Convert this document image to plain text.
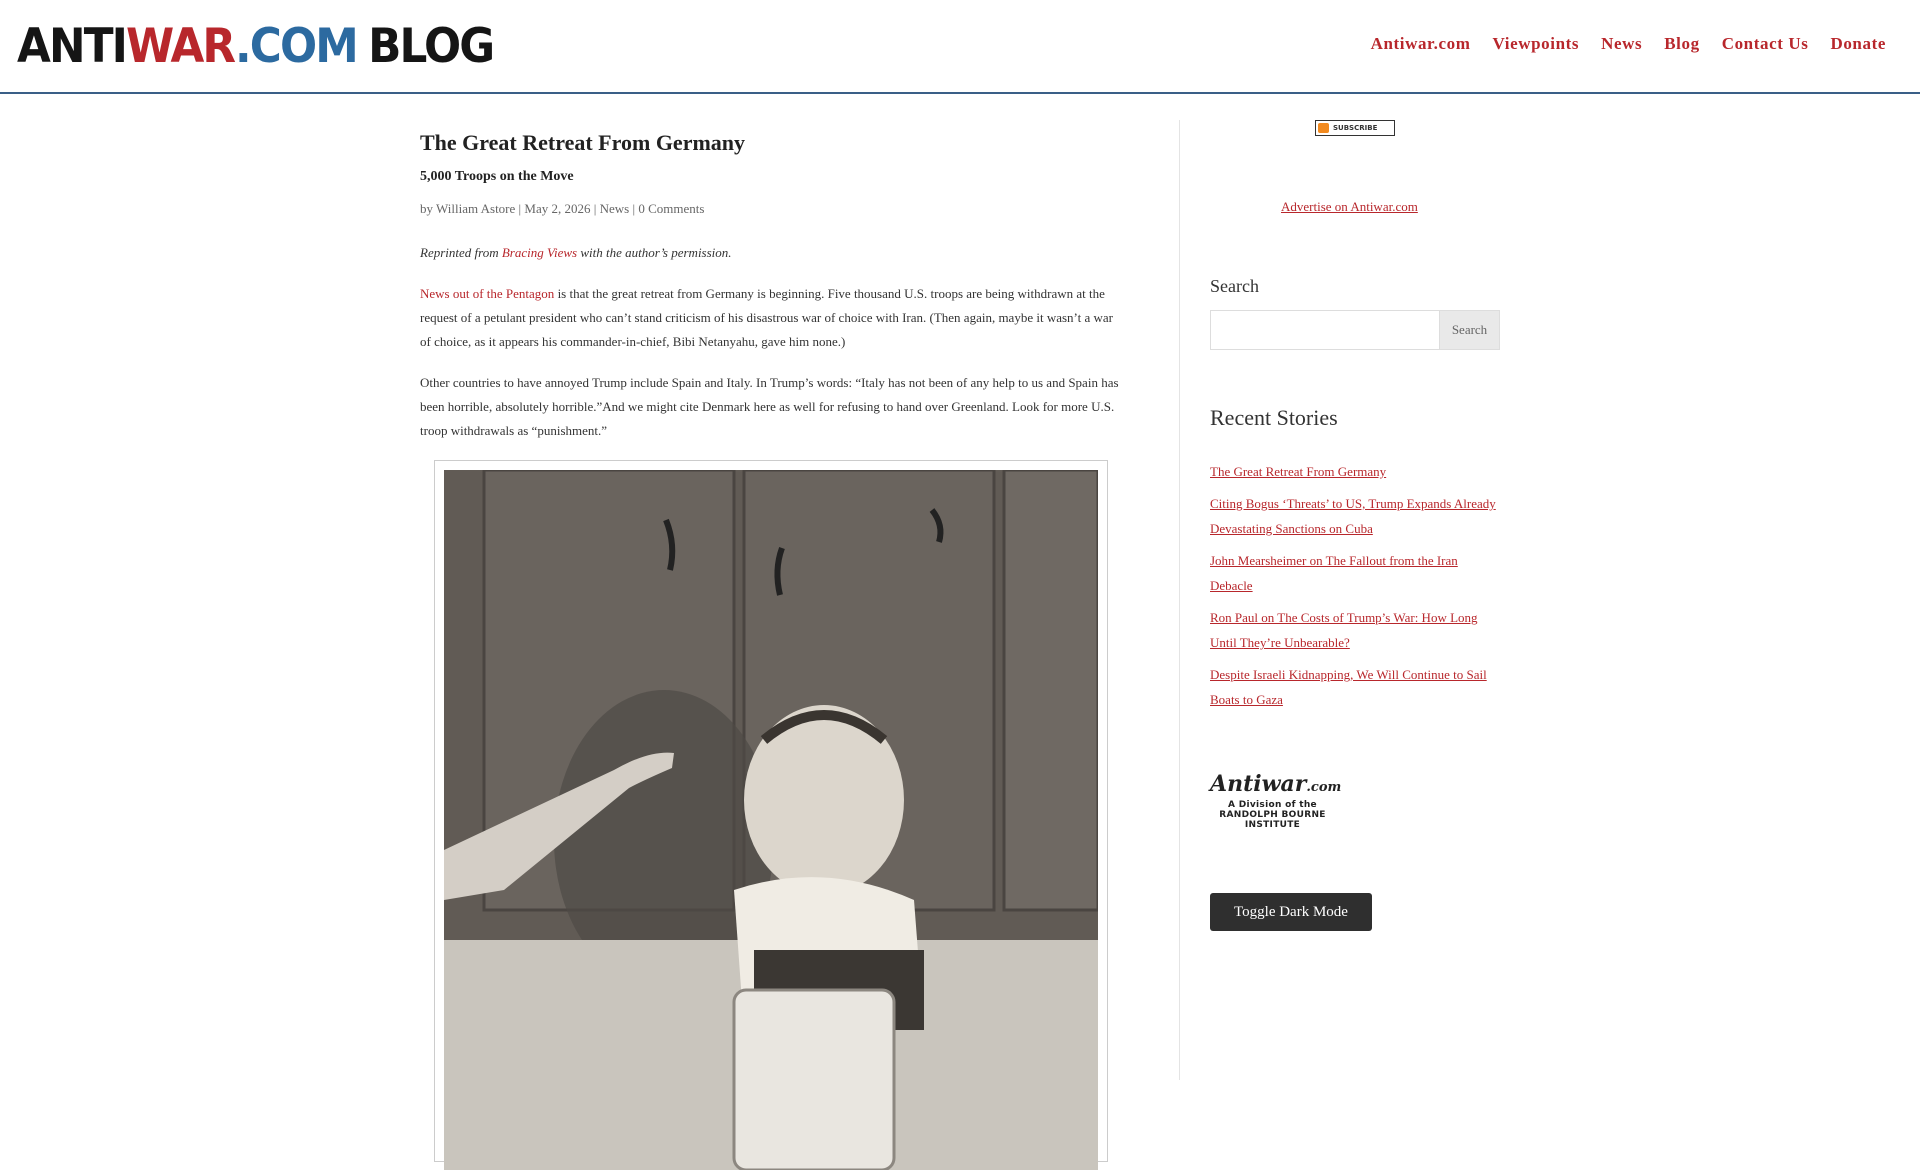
ANTIWAR.COM BLOG	Antiwar.com Viewpoints News Blog Contact Us Donate
The Great Retreat From Germany
5,000 Troops on the Move
by William Astore | May 2, 2026 | News | 0 Comments

Reprinted from Bracing Views with the author’s permission.

News out of the Pentagon is that the great retreat from Germany is beginning. Five thousand U.S. troops are being withdrawn at the request of a petulant president who can’t stand criticism of his disastrous war of choice with Iran. (Then again, maybe it wasn’t a war of choice, as it appears his commander-in-chief, Bibi Netanyahu, gave him none.)

Other countries to have annoyed Trump include Spain and Italy. In Trump’s words: “Italy has not been of any help to us and Spain has been horrible, absolutely horrible.”And we might cite Denmark here as well for refusing to hand over Greenland. Look for more U.S. troop withdrawals as “punishment.”

SUBSCRIBE
Advertise on Antiwar.com
Search
Search
Recent Stories
The Great Retreat From Germany
Citing Bogus ‘Threats’ to US, Trump Expands Already Devastating Sanctions on Cuba
John Mearsheimer on The Fallout from the Iran Debacle
Ron Paul on The Costs of Trump’s War: How Long Until They’re Unbearable?
Despite Israeli Kidnapping, We Will Continue to Sail Boats to Gaza
Antiwar.com
A Division of the
RANDOLPH BOURNE
INSTITUTE
Toggle Dark Mode
